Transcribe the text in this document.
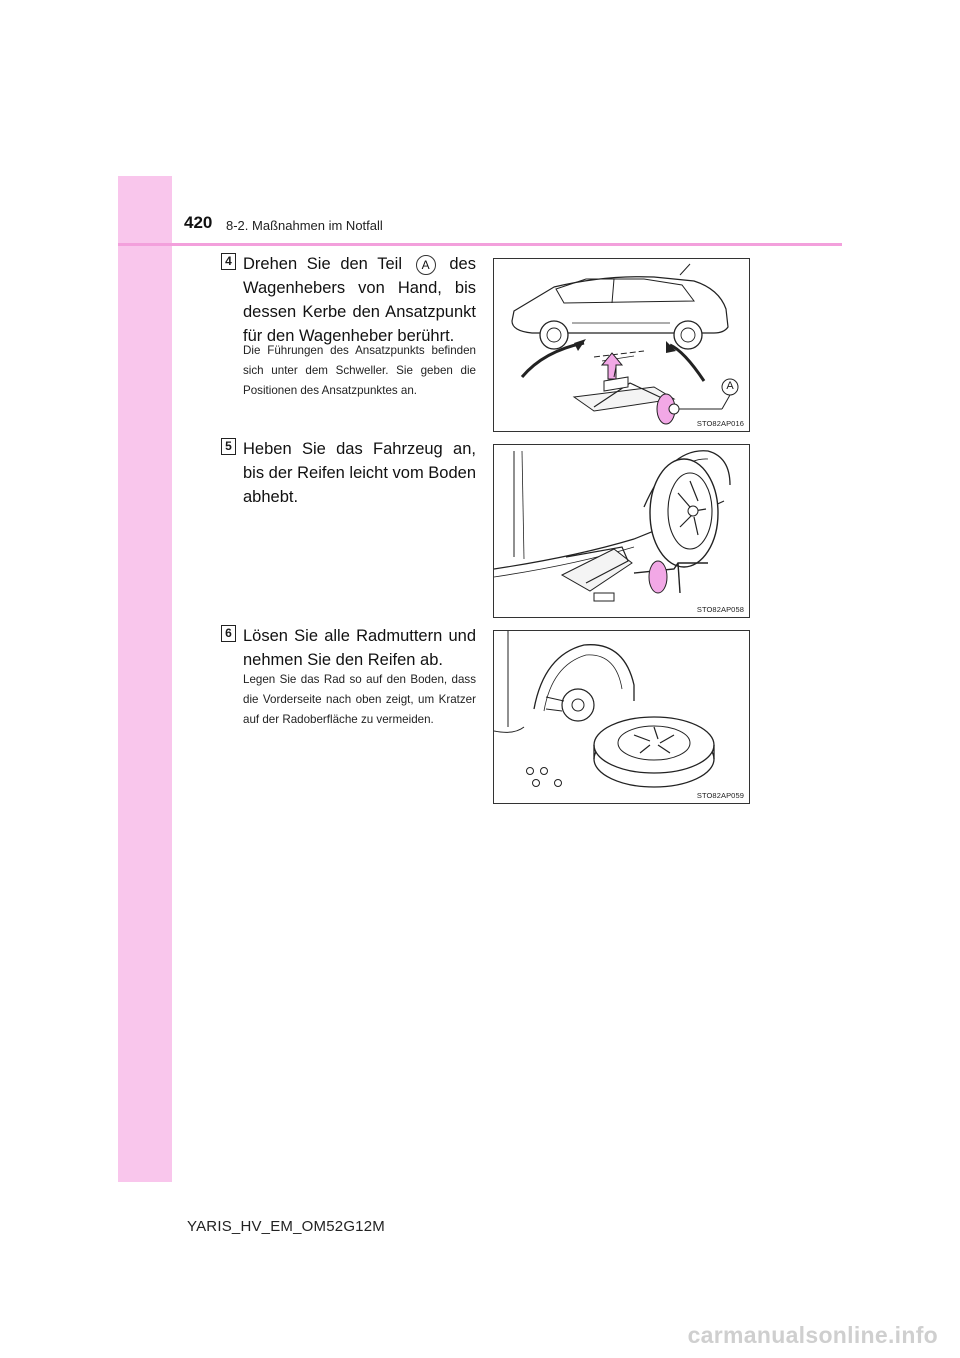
420 8-2. Maßnahmen im Notfall
4 Drehen Sie den Teil A des Wagenhebers von Hand, bis dessen Kerbe den Ansatzpunkt für den Wagenheber berührt.
Die Führungen des Ansatzpunkts befinden sich unter dem Schweller. Sie geben die Positionen des Ansatzpunktes an.	A
STO82AP016
5 Heben Sie das Fahrzeug an, bis der Reifen leicht vom Boden abhebt.
STO82AP058
6 Lösen Sie alle Radmuttern und nehmen Sie den Reifen ab.
Legen Sie das Rad so auf den Boden, dass die Vorderseite nach oben zeigt, um Kratzer auf der Radoberfläche zu vermeiden.
STO82AP059
YARIS_HV_EM_OM52G12M
carmanualsonline.info
